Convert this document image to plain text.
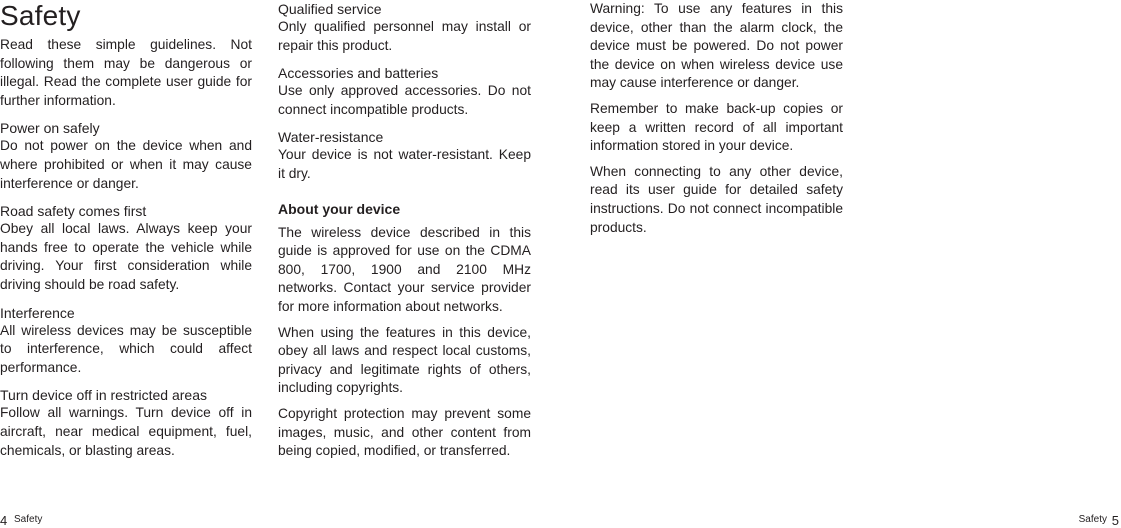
Safety

Read these simple guidelines. Not following them may be dangerous or illegal. Read the complete user guide for further information.

Power on safely

Do not power on the device when and where prohibited or when it may cause interference or danger.

Road safety comes first

Obey all local laws. Always keep your hands free to operate the vehicle while driving. Your first consideration while driving should be road safety.

Interference

All wireless devices may be susceptible to interference, which could affect performance.

Turn device off in restricted areas

Follow all warnings. Turn device off in aircraft, near medical equipment, fuel, chemicals, or blasting areas.

Qualified service

Only qualified personnel may install or repair this product.

Accessories and batteries

Use only approved accessories. Do not connect incompatible products.

Water-resistance

Your device is not water-resistant. Keep it dry.

About your device

The wireless device described in this guide is approved for use on the CDMA 800, 1700, 1900 and 2100 MHz networks. Contact your service provider for more information about networks.

When using the features in this device, obey all laws and respect local customs, privacy and legitimate rights of others, including copyrights.

Copyright protection may prevent some images, music, and other content from being copied, modified, or transferred.

Warning: To use any features in this device, other than the alarm clock, the device must be powered. Do not power the device on when wireless device use may cause interference or danger.

Remember to make back-up copies or keep a written record of all important information stored in your device.

When connecting to any other device, read its user guide for detailed safety instructions. Do not connect incompatible products.

4 Safety	Safety 5
